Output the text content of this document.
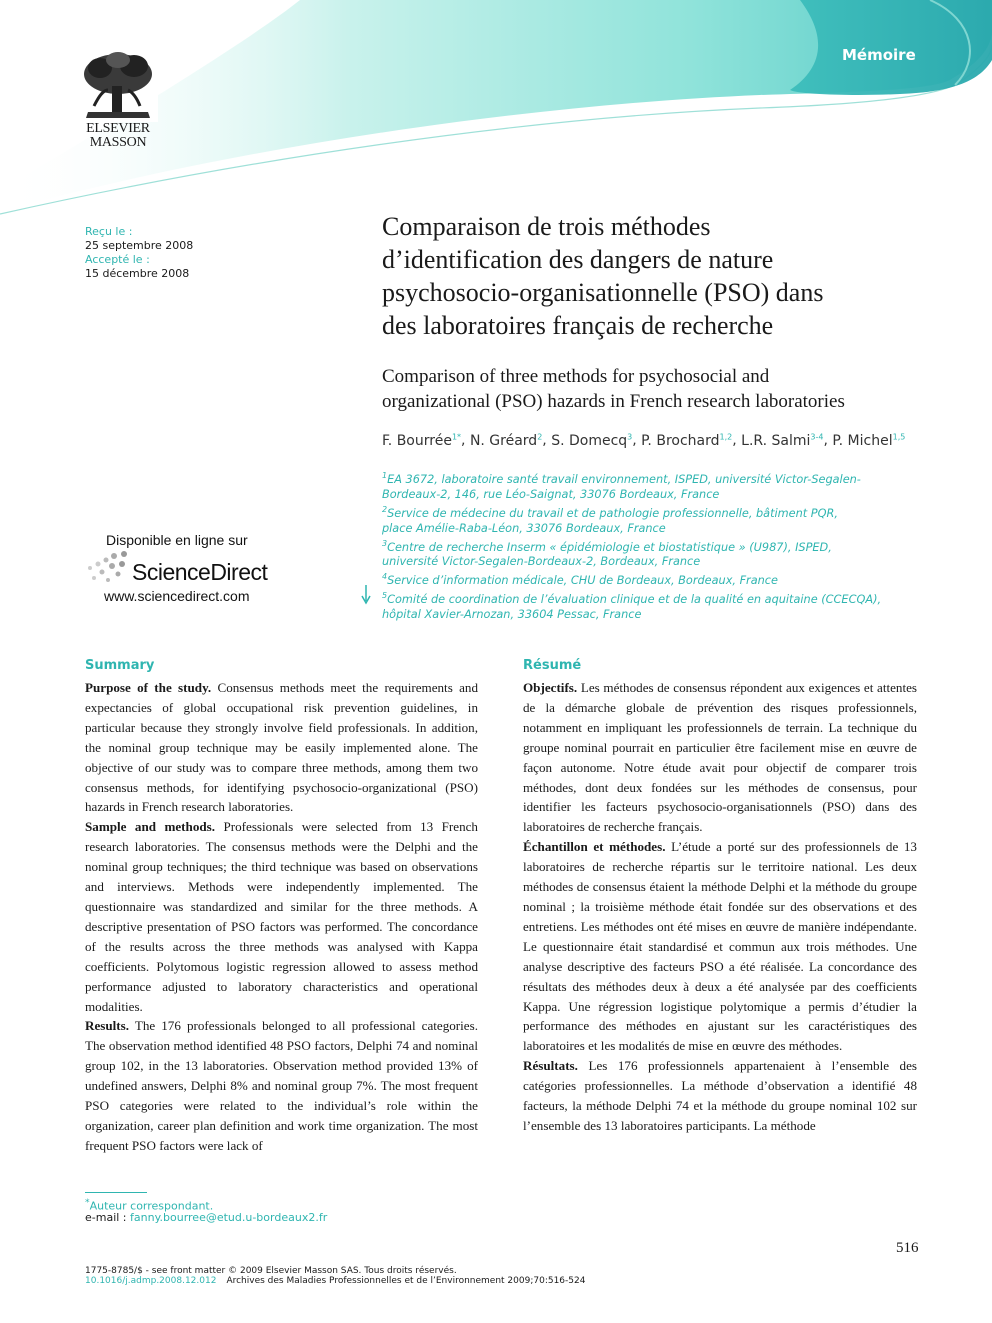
Mémoire
ELSEVIER
MASSON
Reçu le :
25 septembre 2008
Accepté le :
15 décembre 2008
Comparaison de trois méthodes
d’identification des dangers de nature
psychosocio-organisationnelle (PSO) dans
des laboratoires français de recherche
Comparison of three methods for psychosocial and
organizational (PSO) hazards in French research laboratories
F. Bourrée$^{1*}$, N. Gréard$^2$, S. Domecq$^3$, P. Brochard$^{1,2}$, L.R. Salmi$^{3-4}$, P. Michel$^{1,5}$

$^1$EA 3672, laboratoire santé travail environnement, ISPED, université Victor-Segalen-
Bordeaux-2, 146, rue Léo-Saignat, 33076 Bordeaux, France

$^2$Service de médecine du travail et de pathologie professionnelle, bâtiment PQR,
place Amélie-Raba-Léon, 33076 Bordeaux, France

$^3$Centre de recherche Inserm « épidémiologie et biostatistique » (U987), ISPED,
université Victor-Segalen-Bordeaux-2, Bordeaux, France

$^4$Service d’information médicale, CHU de Bordeaux, Bordeaux, France

$^5$Comité de coordination de l’évaluation clinique et de la qualité en aquitaine (CCECQA),
hôpital Xavier-Arnozan, 33604 Pessac, France

Disponible en ligne sur
ScienceDirect
www.sciencedirect.com
Summary

Purpose of the study. Consensus methods meet the requirements and expectancies of global occupational risk prevention guidelines, in particular because they strongly involve field professionals. In addition, the nominal group technique may be easily implemented alone. The objective of our study was to compare three methods, among them two consensus methods, for identifying psychosocio-organizational (PSO) hazards in French research laboratories.

Sample and methods. Professionals were selected from 13 French research laboratories. The consensus methods were the Delphi and the nominal group techniques; the third technique was based on observations and interviews. Methods were independently implemented. The questionnaire was standardized and similar for the three methods. A descriptive presentation of PSO factors was performed. The concordance of the results across the three methods was analysed with Kappa coefficients. Polytomous logistic regression allowed to assess method performance adjusted to laboratory characteristics and operational modalities.

Results. The 176 professionals belonged to all professional categories. The observation method identified 48 PSO factors, Delphi 74 and nominal group 102, in the 13 laboratories. Observation method provided 13% of undefined answers, Delphi 8% and nominal group 7%. The most frequent PSO categories were related to the individual’s role within the organization, career plan definition and work time organization. The most frequent PSO factors were lack of

Résumé

Objectifs. Les méthodes de consensus répondent aux exigences et attentes de la démarche globale de prévention des risques professionnels, notamment en impliquant les professionnels de terrain. La technique du groupe nominal pourrait en particulier être facilement mise en œuvre de façon autonome. Notre étude avait pour objectif de comparer trois méthodes, dont deux fondées sur les méthodes de consensus, pour identifier les facteurs psychosocio-organisationnels (PSO) dans des laboratoires de recherche français.

Échantillon et méthodes. L’étude a porté sur des professionnels de 13 laboratoires de recherche répartis sur le territoire national. Les deux méthodes de consensus étaient la méthode Delphi et la méthode du groupe nominal ; la troisième méthode était fondée sur des observations et des entretiens. Les méthodes ont été mises en œuvre de manière indépendante. Le questionnaire était standardisé et commun aux trois méthodes. Une analyse descriptive des facteurs PSO a été réalisée. La concordance des résultats des méthodes deux à deux a été analysée par des coefficients Kappa. Une régression logistique polytomique a permis d’étudier la performance des méthodes en ajustant sur les caractéristiques des laboratoires et les modalités de mise en œuvre des méthodes.

Résultats. Les 176 professionnels appartenaient à l’ensemble des catégories professionnelles. La méthode d’observation a identifié 48 facteurs, la méthode Delphi 74 et la méthode du groupe nominal 102 sur l’ensemble des 13 laboratoires participants. La méthode

*Auteur correspondant.
e-mail : fanny.bourree@etud.u-bordeaux2.fr
516
1775-8785/$ - see front matter © 2009 Elsevier Masson SAS. Tous droits réservés.
10.1016/j.admp.2008.12.012 Archives des Maladies Professionnelles et de l’Environnement 2009;70:516-524
